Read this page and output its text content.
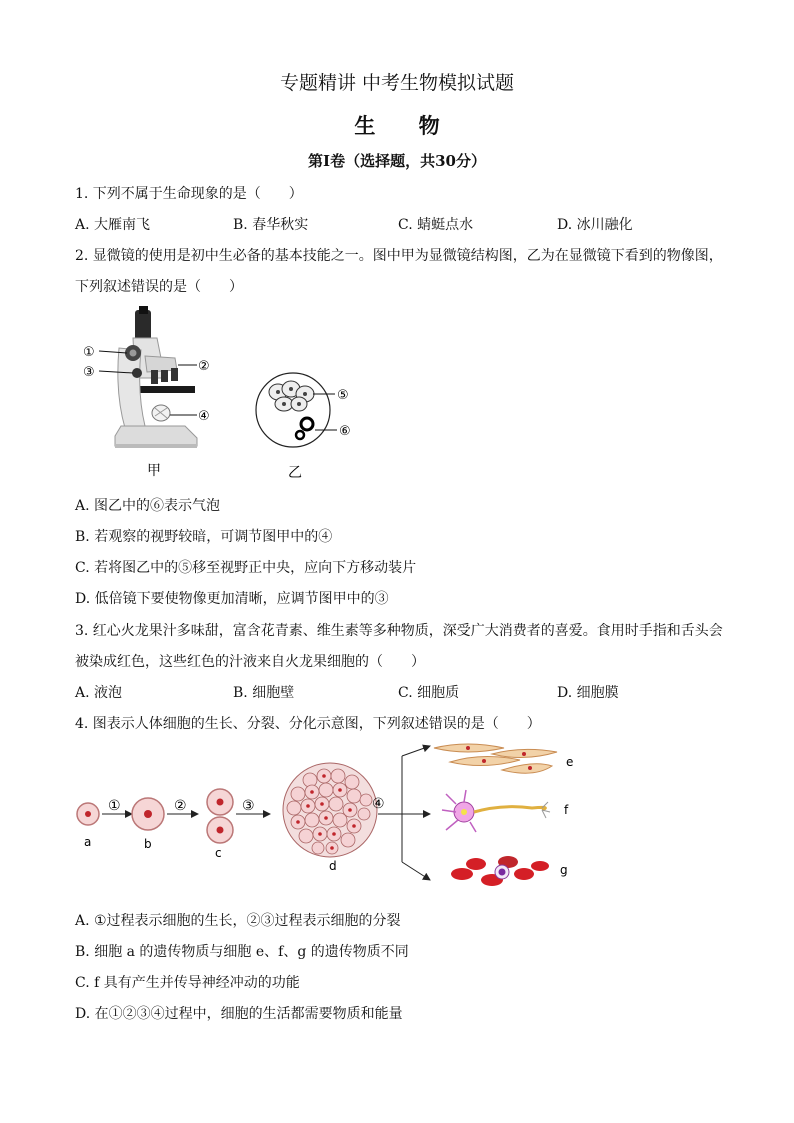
专题精讲 中考生物模拟试题
生 物
第Ⅰ卷（选择题，共30分）
1. 下列不属于生命现象的是（　　）
A. 大雁南飞	B. 春华秋实	C. 蜻蜓点水	D. 冰川融化
2. 显微镜的使用是初中生必备的基本技能之一。图中甲为显微镜结构图，乙为在显微镜下看到的物像图，
下列叙述错误的是（　　）
①
③	②
④
甲
⑤
⑥
乙
A. 图乙中的⑥表示气泡
B. 若观察的视野较暗，可调节图甲中的④
C. 若将图乙中的⑤移至视野正中央，应向下方移动装片
D. 低倍镜下要使物像更加清晰，应调节图甲中的③
3. 红心火龙果汁多味甜，富含花青素、维生素等多种物质，深受广大消费者的喜爱。食用时手指和舌头会
被染成红色，这些红色的汁液来自火龙果细胞的（　　）
A. 液泡	B. 细胞壁	C. 细胞质	D. 细胞膜
4. 图表示人体细胞的生长、分裂、分化示意图，下列叙述错误的是（　　）
a
①
b
②
c
③
d
④
e
f
g
A. ①过程表示细胞的生长，②③过程表示细胞的分裂
B. 细胞 a 的遗传物质与细胞 e、f、g 的遗传物质不同
C. f 具有产生并传导神经冲动的功能
D. 在①②③④过程中，细胞的生活都需要物质和能量
